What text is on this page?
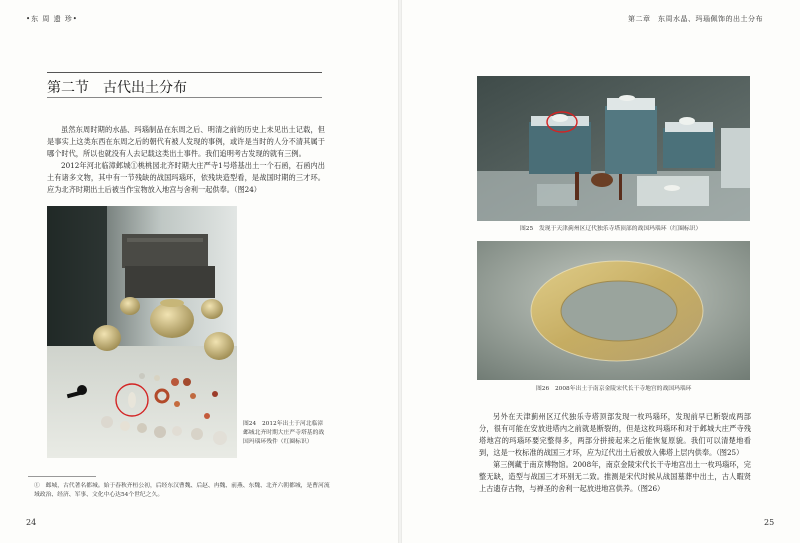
•东 周 遗 珍•
第二节　古代出土分布

虽然东周时期的水晶、玛瑙制品在东周之后、明清之前的历史上未见出土记载，但是事实上这类东西在东周之后的朝代有被人发现的事例，或许是当时的人分不清其属于哪个时代，所以也就没有人去记载这类出土事件。我们追明考古发现的就有三例。

2012年河北临漳邺城①桃桃园北齐时期大庄严寺1号塔基出土一个石函，石函内出土有诸多文物，其中有一节残缺的战国玛瑙环，依残块造型看，是战国时期的三才环。应为北齐时期出土后被当作宝物放入地宫与舍利一起供奉。（图24）

图24　2012年出土于河北临漳邺城北齐时期大庄严寺塔基的战国玛瑙环残件（红圈标识）
①　邺城，古代著名都城。始于春秋齐桓公初，后经东汉曹魏、后赵、冉魏、前燕、东魏、北齐六朝都城，是曹河流域政治、经济、军事、文化中心达54个世纪之久。
24
第二章　东周水晶、玛瑙佩饰的出土分布
图25　发现于天津蓟州区辽代独乐寺塔顶部的战国玛瑙环（红圈标识）
图26　2008年出土于南京金陵宋代长干寺地宫的战国玛瑙环

另外在天津蓟州区辽代独乐寺塔顶部发现一枚玛瑙环，发现前早已断裂成两部分，很有可能在安放进塔内之前就是断裂的，但是这枚玛瑙环和对于邺城大庄严寺残塔地宫的玛瑙环要完整得多，两部分拼接起来之后能恢复原貌。我们可以清楚地看到，这是一枚标准的战国三才环，应为辽代出土后被放入佛塔上层内供奉。（图25）

第三例藏于南京博物馆。2008年，南京金陵宋代长干寺地宫出土一枚玛瑙环，完整无缺，造型与战国三才环别无二致。推测是宋代时候从战国墓葬中出土，古人暇贤上古遗存古物，与禅圣的舍利一起放进地宫供养。（图26）

25
